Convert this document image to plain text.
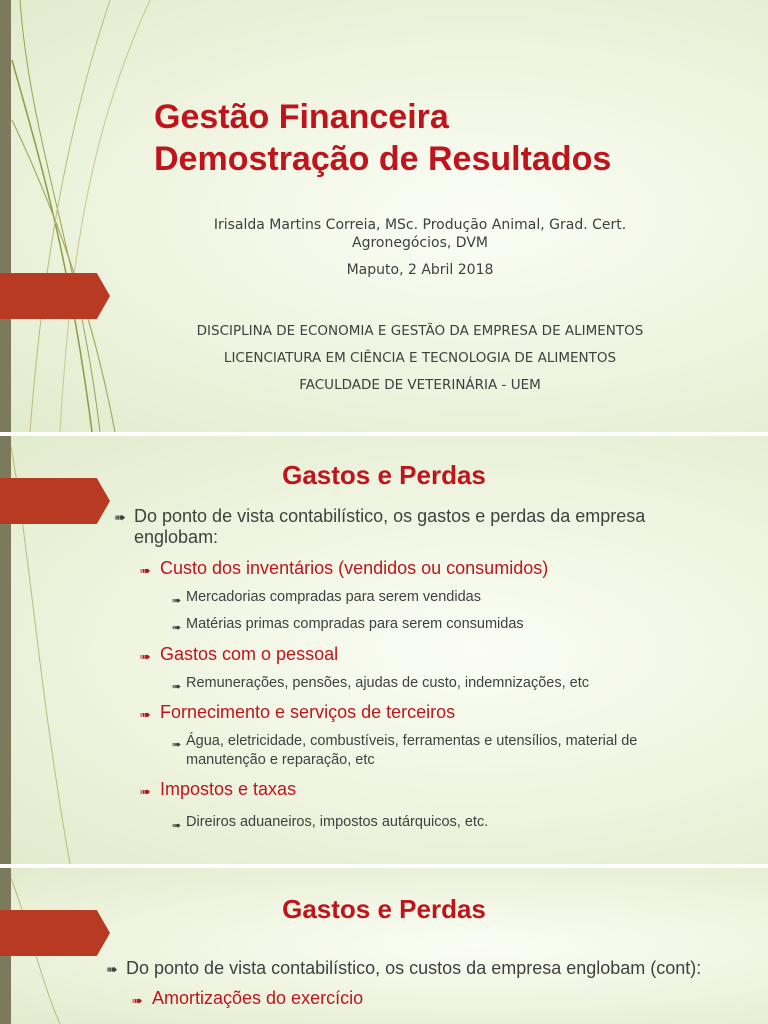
Gestão Financeira
Demostração de Resultados
Irisalda Martins Correia, MSc. Produção Animal, Grad. Cert.
Agronegócios, DVM
Maputo, 2 Abril 2018
DISCIPLINA DE ECONOMIA E GESTÃO DA EMPRESA DE ALIMENTOS
LICENCIATURA EM CIÊNCIA E TECNOLOGIA DE ALIMENTOS
FACULDADE DE VETERINÁRIA - UEM
Gastos e Perdas
➠ Do ponto de vista contabilístico, os gastos e perdas da empresa englobam:
➠ Custo dos inventários (vendidos ou consumidos)
➠ Mercadorias compradas para serem vendidas
➠ Matérias primas compradas para serem consumidas
➠ Gastos com o pessoal
➠ Remunerações, pensões, ajudas de custo, indemnizações, etc
➠ Fornecimento e serviços de terceiros
➠ Água, eletricidade, combustíveis, ferramentas e utensílios, material de manutenção e reparação, etc
➠ Impostos e taxas
➠ Direiros aduaneiros, impostos autárquicos, etc.
Gastos e Perdas
➠ Do ponto de vista contabilístico, os custos da empresa englobam (cont):
➠ Amortizações do exercício
